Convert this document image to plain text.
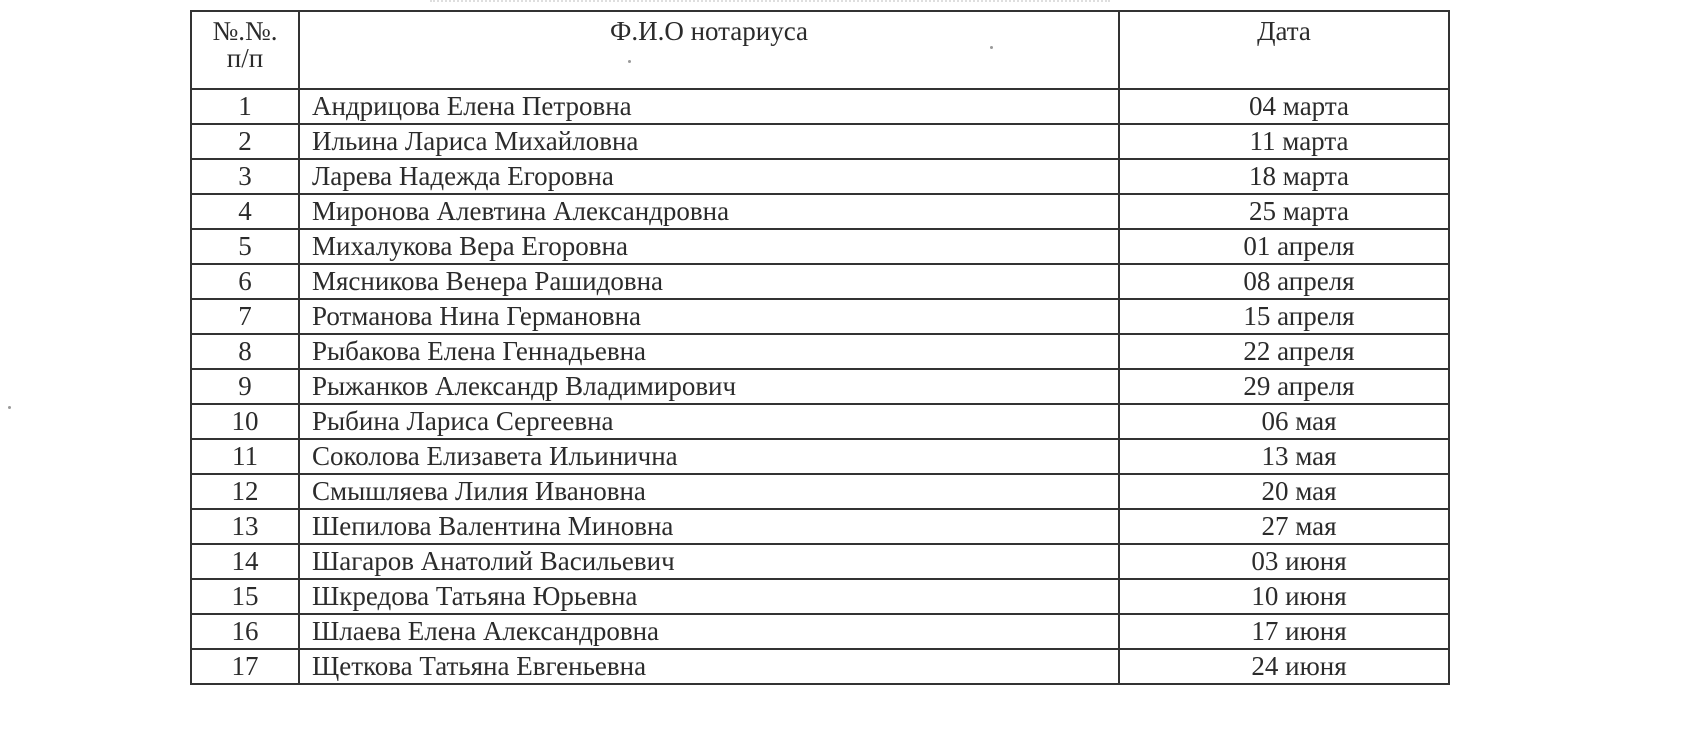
№.№.
п/п	Ф.И.О нотариуса	Дата
1	Андрицова Елена Петровна	04 марта
2	Ильина Лариса Михайловна	11 марта
3	Ларева Надежда Егоровна	18 марта
4	Миронова Алевтина Александровна	25 марта
5	Михалукова Вера Егоровна	01 апреля
6	Мясникова Венера Рашидовна	08 апреля
7	Ротманова Нина Германовна	15 апреля
8	Рыбакова Елена Геннадьевна	22 апреля
9	Рыжанков Александр Владимирович	29 апреля
10	Рыбина Лариса Сергеевна	06 мая
11	Соколова Елизавета Ильинична	13 мая
12	Смышляева Лилия Ивановна	20 мая
13	Шепилова Валентина Миновна	27 мая
14	Шагаров Анатолий Васильевич	03 июня
15	Шкредова Татьяна Юрьевна	10 июня
16	Шлаева Елена Александровна	17 июня
17	Щеткова Татьяна Евгеньевна	24 июня
